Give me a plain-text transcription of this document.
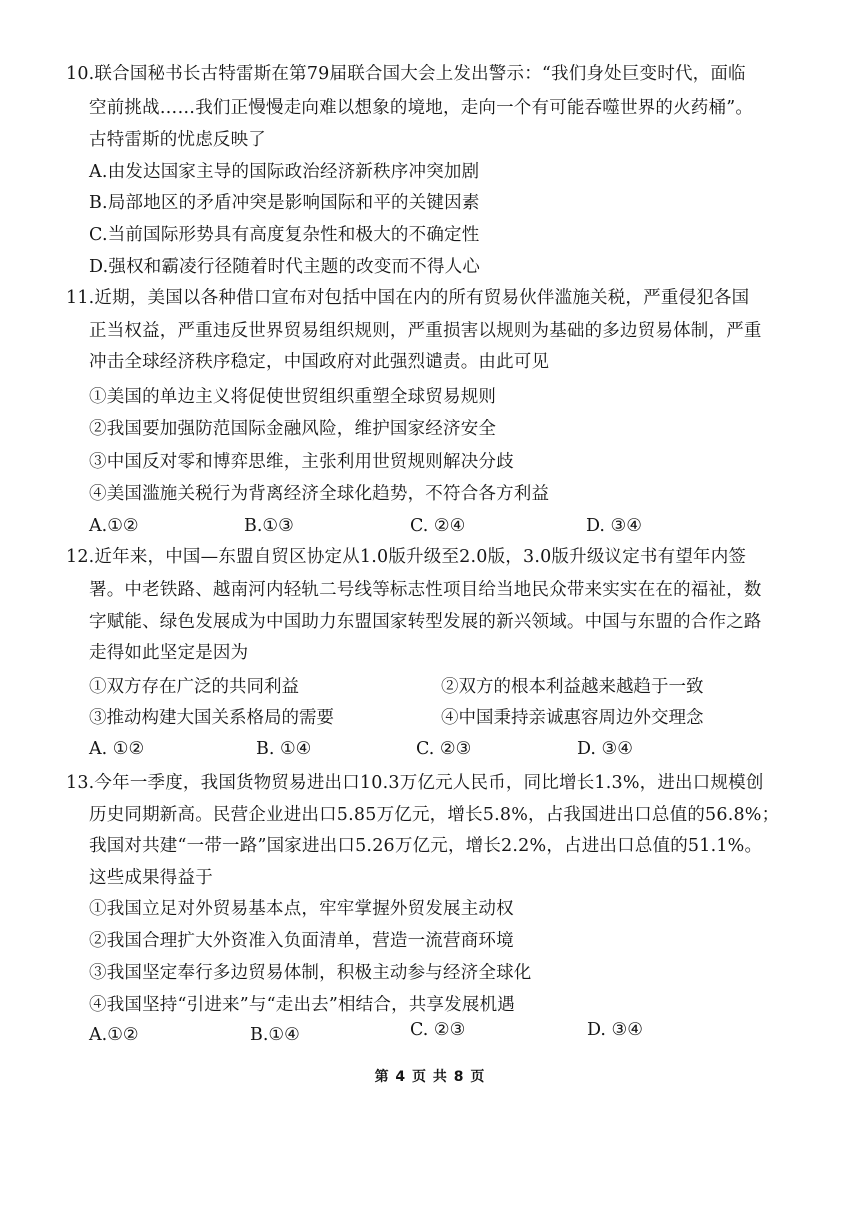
10.联合国秘书长古特雷斯在第79届联合国大会上发出警示：“我们身处巨变时代，面临
空前挑战……我们正慢慢走向难以想象的境地，走向一个有可能吞噬世界的火药桶”。
古特雷斯的忧虑反映了
A.由发达国家主导的国际政治经济新秩序冲突加剧
B.局部地区的矛盾冲突是影响国际和平的关键因素
C.当前国际形势具有高度复杂性和极大的不确定性
D.强权和霸凌行径随着时代主题的改变而不得人心
11.近期，美国以各种借口宣布对包括中国在内的所有贸易伙伴滥施关税，严重侵犯各国
正当权益，严重违反世界贸易组织规则，严重损害以规则为基础的多边贸易体制，严重
冲击全球经济秩序稳定，中国政府对此强烈谴责。由此可见
①美国的单边主义将促使世贸组织重塑全球贸易规则
②我国要加强防范国际金融风险，维护国家经济安全
③中国反对零和博弈思维，主张利用世贸规则解决分歧
④美国滥施关税行为背离经济全球化趋势，不符合各方利益
A.①②	B.①③	C. ②④	D. ③④
12.近年来，中国—东盟自贸区协定从1.0版升级至2.0版，3.0版升级议定书有望年内签
署。中老铁路、越南河内轻轨二号线等标志性项目给当地民众带来实实在在的福祉，数
字赋能、绿色发展成为中国助力东盟国家转型发展的新兴领域。中国与东盟的合作之路
走得如此坚定是因为
①双方存在广泛的共同利益	②双方的根本利益越来越趋于一致
③推动构建大国关系格局的需要	④中国秉持亲诚惠容周边外交理念
A. ①②	B. ①④	C. ②③	D. ③④
13.今年一季度，我国货物贸易进出口10.3万亿元人民币，同比增长1.3%，进出口规模创
历史同期新高。民营企业进出口5.85万亿元，增长5.8%，占我国进出口总值的56.8%；
我国对共建“一带一路”国家进出口5.26万亿元，增长2.2%，占进出口总值的51.1%。
这些成果得益于
①我国立足对外贸易基本点，牢牢掌握外贸发展主动权
②我国合理扩大外资准入负面清单，营造一流营商环境
③我国坚定奉行多边贸易体制，积极主动参与经济全球化
④我国坚持“引进来”与“走出去”相结合，共享发展机遇
A.①②	B.①④	C. ②③	D. ③④
第 4 页 共 8 页
